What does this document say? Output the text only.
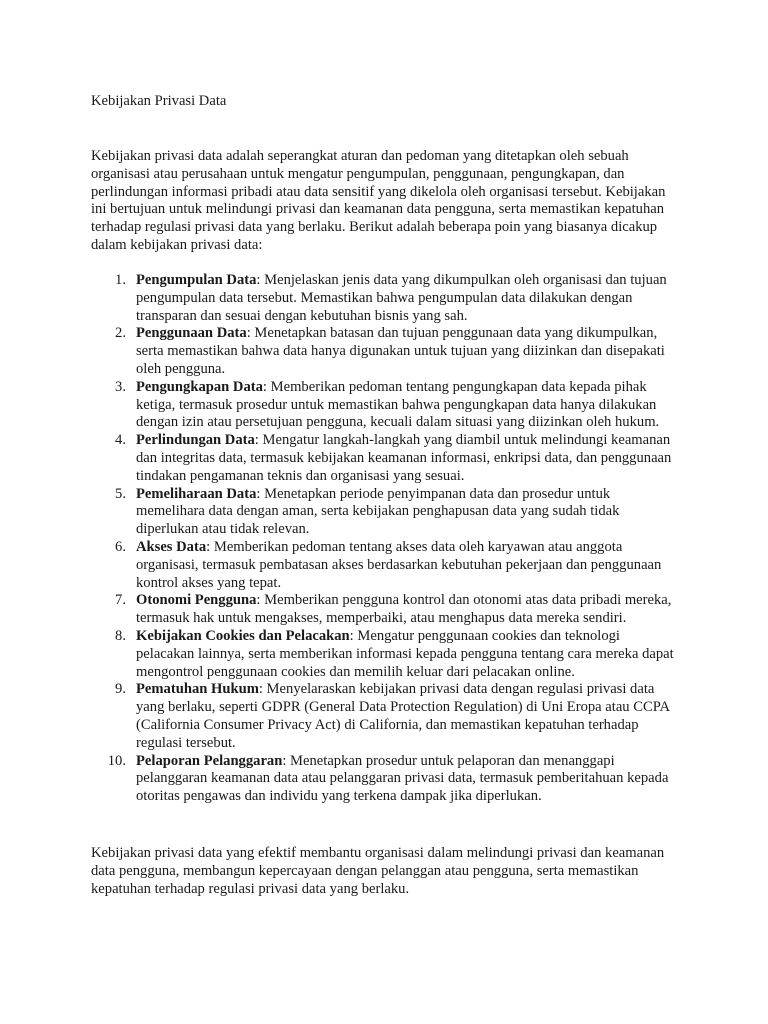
Kebijakan Privasi Data

Kebijakan privasi data adalah seperangkat aturan dan pedoman yang ditetapkan oleh sebuah organisasi atau perusahaan untuk mengatur pengumpulan, penggunaan, pengungkapan, dan perlindungan informasi pribadi atau data sensitif yang dikelola oleh organisasi tersebut. Kebijakan ini bertujuan untuk melindungi privasi dan keamanan data pengguna, serta memastikan kepatuhan terhadap regulasi privasi data yang berlaku. Berikut adalah beberapa poin yang biasanya dicakup dalam kebijakan privasi data:

1. Pengumpulan Data: Menjelaskan jenis data yang dikumpulkan oleh organisasi dan tujuan pengumpulan data tersebut. Memastikan bahwa pengumpulan data dilakukan dengan transparan dan sesuai dengan kebutuhan bisnis yang sah.
2. Penggunaan Data: Menetapkan batasan dan tujuan penggunaan data yang dikumpulkan, serta memastikan bahwa data hanya digunakan untuk tujuan yang diizinkan dan disepakati oleh pengguna.
3. Pengungkapan Data: Memberikan pedoman tentang pengungkapan data kepada pihak ketiga, termasuk prosedur untuk memastikan bahwa pengungkapan data hanya dilakukan dengan izin atau persetujuan pengguna, kecuali dalam situasi yang diizinkan oleh hukum.
4. Perlindungan Data: Mengatur langkah-langkah yang diambil untuk melindungi keamanan dan integritas data, termasuk kebijakan keamanan informasi, enkripsi data, dan penggunaan tindakan pengamanan teknis dan organisasi yang sesuai.
5. Pemeliharaan Data: Menetapkan periode penyimpanan data dan prosedur untuk memelihara data dengan aman, serta kebijakan penghapusan data yang sudah tidak diperlukan atau tidak relevan.
6. Akses Data: Memberikan pedoman tentang akses data oleh karyawan atau anggota organisasi, termasuk pembatasan akses berdasarkan kebutuhan pekerjaan dan penggunaan kontrol akses yang tepat.
7. Otonomi Pengguna: Memberikan pengguna kontrol dan otonomi atas data pribadi mereka, termasuk hak untuk mengakses, memperbaiki, atau menghapus data mereka sendiri.
8. Kebijakan Cookies dan Pelacakan: Mengatur penggunaan cookies dan teknologi pelacakan lainnya, serta memberikan informasi kepada pengguna tentang cara mereka dapat mengontrol penggunaan cookies dan memilih keluar dari pelacakan online.
9. Pematuhan Hukum: Menyelaraskan kebijakan privasi data dengan regulasi privasi data yang berlaku, seperti GDPR (General Data Protection Regulation) di Uni Eropa atau CCPA (California Consumer Privacy Act) di California, dan memastikan kepatuhan terhadap regulasi tersebut.
10. Pelaporan Pelanggaran: Menetapkan prosedur untuk pelaporan dan menanggapi pelanggaran keamanan data atau pelanggaran privasi data, termasuk pemberitahuan kepada otoritas pengawas dan individu yang terkena dampak jika diperlukan.

Kebijakan privasi data yang efektif membantu organisasi dalam melindungi privasi dan keamanan data pengguna, membangun kepercayaan dengan pelanggan atau pengguna, serta memastikan kepatuhan terhadap regulasi privasi data yang berlaku.
